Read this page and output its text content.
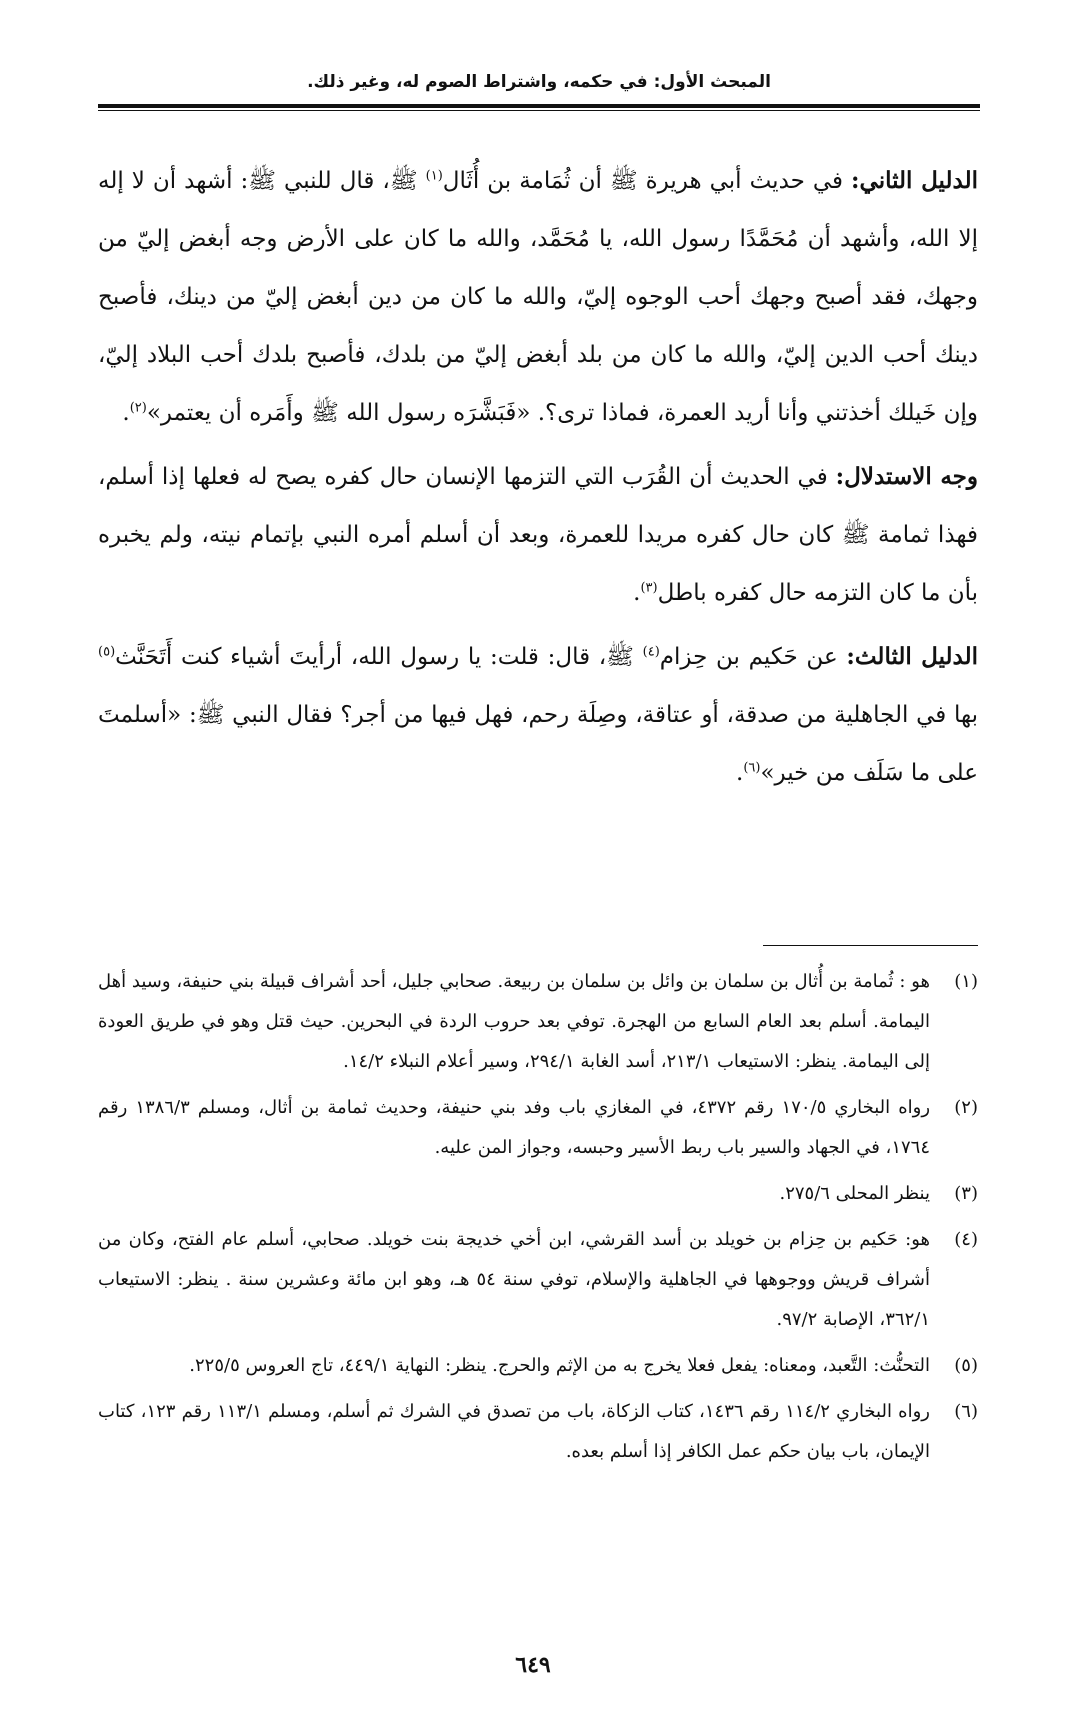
المبحث الأول: في حكمه، واشتراط الصوم له، وغير ذلك.

الدليل الثاني: في حديث أبي هريرة ﷺ أن ثُمَامة بن أُثَال$^{(١)}$ ﷺ، قال للنبي ﷺ: أشهد أن لا إله إلا الله، وأشهد أن مُحَمَّدًا رسول الله، يا مُحَمَّد، والله ما كان على الأرض وجه أبغض إليّ من وجهك، فقد أصبح وجهك أحب الوجوه إليّ، والله ما كان من دين أبغض إليّ من دينك، فأصبح دينك أحب الدين إليّ، والله ما كان من بلد أبغض إليّ من بلدك، فأصبح بلدك أحب البلاد إليّ، وإن خَيلك أخذتني وأنا أريد العمرة، فماذا ترى؟. «فَبَشَّرَه رسول الله ﷺ وأَمَره أن يعتمر»$^{(٢)}$.

وجه الاستدلال: في الحديث أن القُرَب التي التزمها الإنسان حال كفره يصح له فعلها إذا أسلم، فهذا ثمامة ﷺ كان حال كفره مريدا للعمرة، وبعد أن أسلم أمره النبي بإتمام نيته، ولم يخبره بأن ما كان التزمه حال كفره باطل$^{(٣)}$.

الدليل الثالث: عن حَكيم بن حِزام$^{(٤)}$ ﷺ، قال: قلت: يا رسول الله، أرأيتَ أشياء كنت أَتَحَنَّث$^{(٥)}$ بها في الجاهلية من صدقة، أو عتاقة، وصِلَة رحم، فهل فيها من أجر؟ فقال النبي ﷺ: «أسلمتَ على ما سَلَف من خير»$^{(٦)}$.

(١)
هو : ثُمامة بن أُثال بن سلمان بن وائل بن سلمان بن ربيعة. صحابي جليل، أحد أشراف قبيلة بني حنيفة، وسيد أهل اليمامة. أسلم بعد العام السابع من الهجرة. توفي بعد حروب الردة في البحرين. حيث قتل وهو في طريق العودة إلى اليمامة. ينظر: الاستيعاب ٢١٣/١، أسد الغابة ٢٩٤/١، وسير أعلام النبلاء ١٤/٢.

(٢)
رواه البخاري ١٧٠/٥ رقم ٤٣٧٢، في المغازي باب وفد بني حنيفة، وحديث ثمامة بن أثال، ومسلم ١٣٨٦/٣ رقم ١٧٦٤، في الجهاد والسير باب ربط الأسير وحبسه، وجواز المن عليه.

(٣)
ينظر المحلى ٢٧٥/٦.

(٤)
هو: حَكيم بن حِزام بن خويلد بن أسد القرشي، ابن أخي خديجة بنت خويلد. صحابي، أسلم عام الفتح، وكان من أشراف قريش ووجوهها في الجاهلية والإسلام، توفي سنة ٥٤ هـ، وهو ابن مائة وعشرين سنة . ينظر: الاستيعاب ٣٦٢/١، الإصابة ٩٧/٢.

(٥)
التحنُّث: التَّعبد، ومعناه: يفعل فعلا يخرج به من الإثم والحرج. ينظر: النهاية ٤٤٩/١، تاج العروس ٢٢٥/٥.

(٦)
رواه البخاري ١١٤/٢ رقم ١٤٣٦، كتاب الزكاة، باب من تصدق في الشرك ثم أسلم، ومسلم ١١٣/١ رقم ١٢٣، كتاب الإيمان، باب بيان حكم عمل الكافر إذا أسلم بعده.

٦٤٩
